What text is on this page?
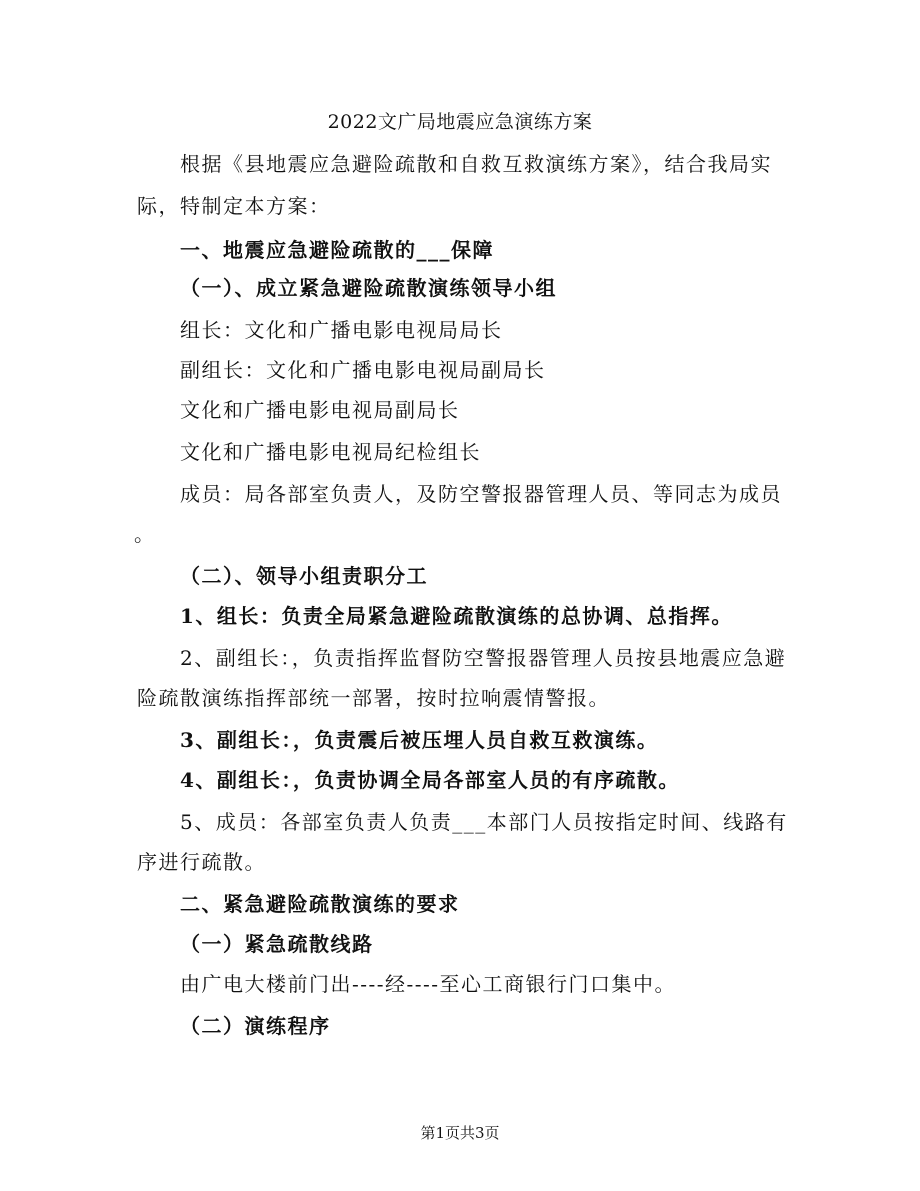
2022文广局地震应急演练方案
根据《县地震应急避险疏散和自救互救演练方案》，结合我局实
际，特制定本方案：
一、地震应急避险疏散的___保障
（一）、成立紧急避险疏散演练领导小组
组长：文化和广播电影电视局局长
副组长：文化和广播电影电视局副局长
文化和广播电影电视局副局长
文化和广播电影电视局纪检组长
成员：局各部室负责人，及防空警报器管理人员、等同志为成员
。
（二）、领导小组责职分工
1、组长：负责全局紧急避险疏散演练的总协调、总指挥。
2、副组长：，负责指挥监督防空警报器管理人员按县地震应急避
险疏散演练指挥部统一部署，按时拉响震情警报。
3、副组长：，负责震后被压埋人员自救互救演练。
4、副组长：，负责协调全局各部室人员的有序疏散。
5、成员：各部室负责人负责___本部门人员按指定时间、线路有
序进行疏散。
二、紧急避险疏散演练的要求
（一）紧急疏散线路
由广电大楼前门出----经----至心工商银行门口集中。
（二）演练程序
第1页共3页
